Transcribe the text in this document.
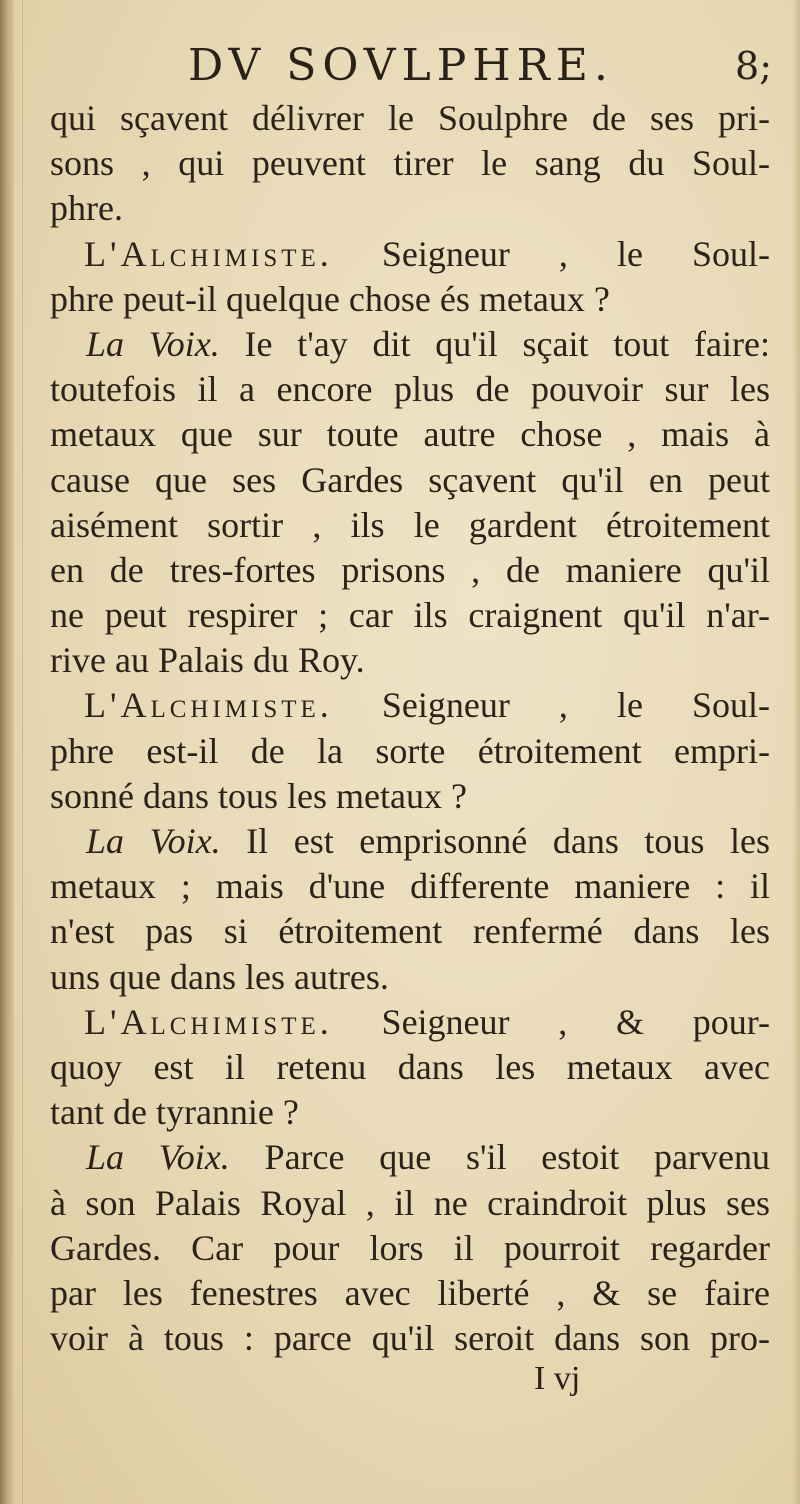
DV SOVLPHRE.	8;
qui sçavent délivrer le Soulphre de ses pri-
sons , qui peuvent tirer le sang du Soul-
phre.
L'Alchimiste. Seigneur , le Soul-
phre peut-il quelque chose és metaux ?
La Voix. Ie t'ay dit qu'il sçait tout faire:
toutefois il a encore plus de pouvoir sur les
metaux que sur toute autre chose , mais à
cause que ses Gardes sçavent qu'il en peut
aisément sortir , ils le gardent étroitement
en de tres-fortes prisons , de maniere qu'il
ne peut respirer ; car ils craignent qu'il n'ar-
rive au Palais du Roy.
L'Alchimiste. Seigneur , le Soul-
phre est-il de la sorte étroitement empri-
sonné dans tous les metaux ?
La Voix. Il est emprisonné dans tous les
metaux ; mais d'une differente maniere : il
n'est pas si étroitement renfermé dans les
uns que dans les autres.
L'Alchimiste. Seigneur , & pour-
quoy est il retenu dans les metaux avec
tant de tyrannie ?
La Voix. Parce que s'il estoit parvenu
à son Palais Royal , il ne craindroit plus ses
Gardes. Car pour lors il pourroit regarder
par les fenestres avec liberté , & se faire
voir à tous : parce qu'il seroit dans son pro-
I vj
